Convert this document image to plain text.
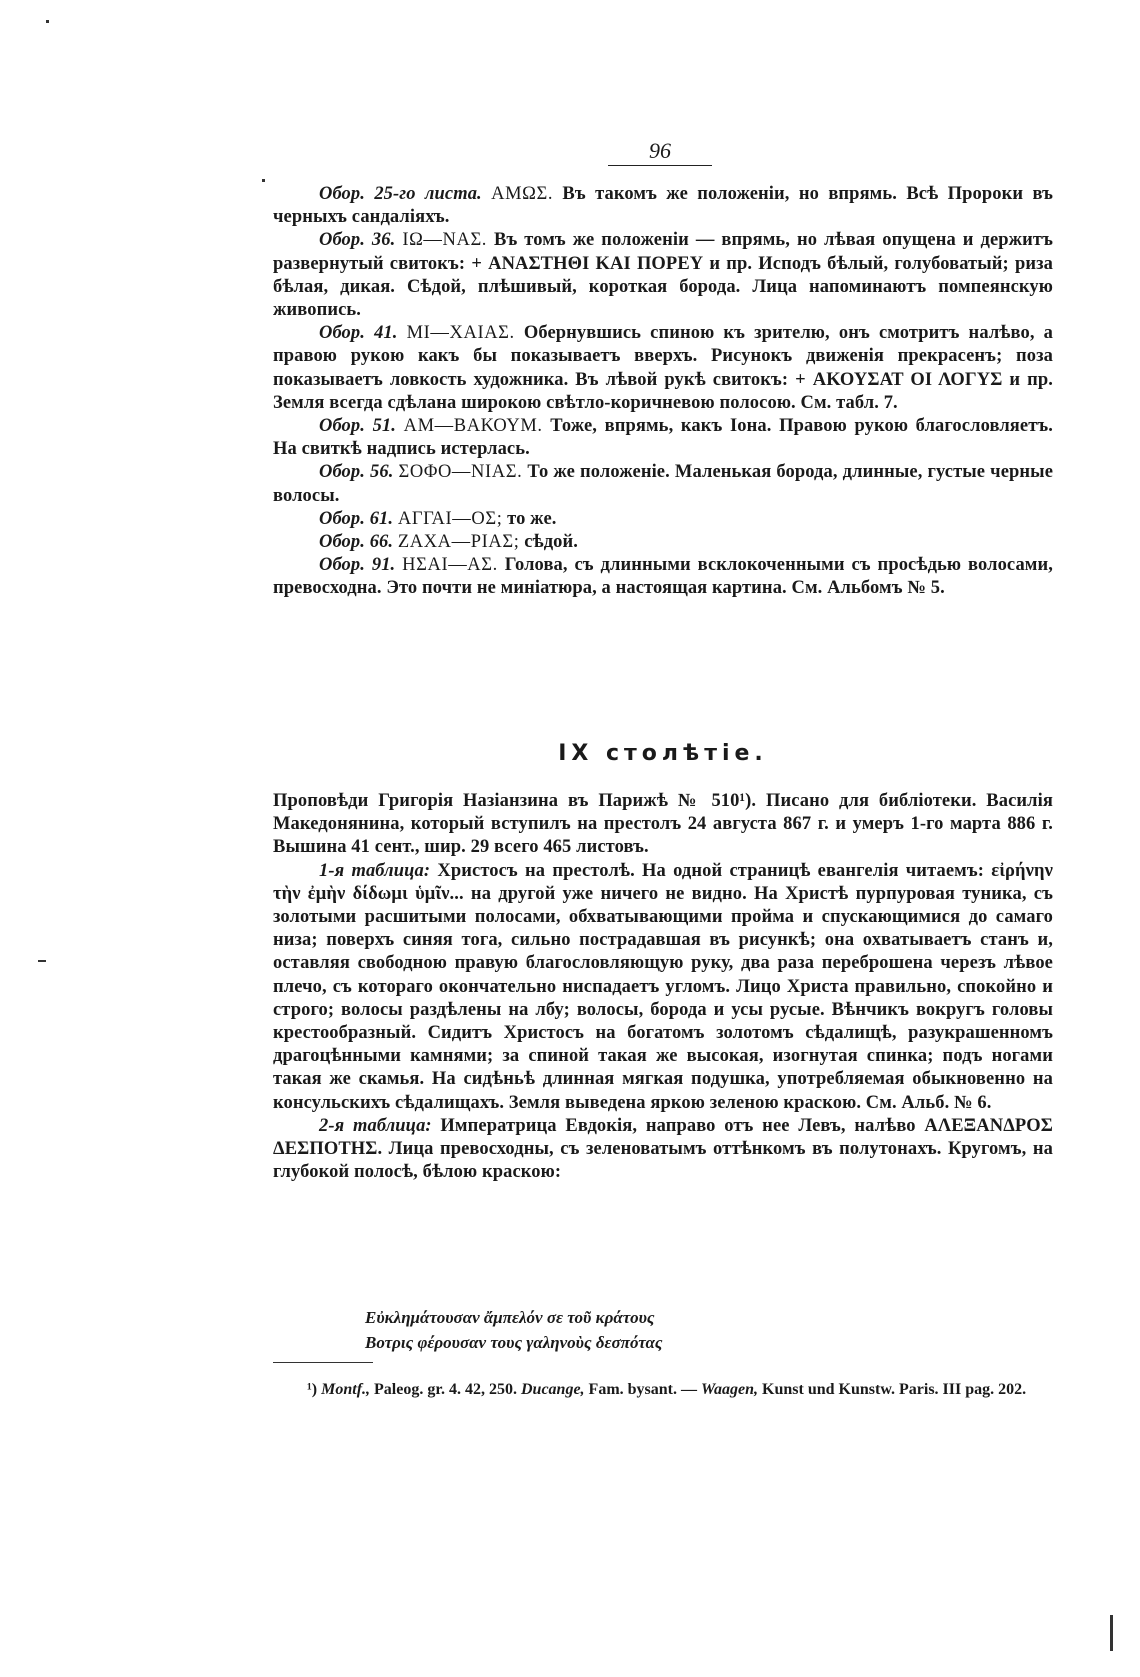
96

Обор. 25-го листа. ΑΜΩΣ. Въ такомъ же положеніи, но впрямь. Всѣ Пророки въ черныхъ сандаліяхъ.

Обор. 36. ΙΩ—ΝΑΣ. Въ томъ же положеніи — впрямь, но лѣвая опущена и держитъ развернутый свитокъ: + ΑΝΑΣΤΗΘΙ ΚΑΙ ΠΟΡΕΥ и пр. Исподъ бѣлый, голубоватый; риза бѣлая, дикая. Сѣдой, плѣшивый, короткая борода. Лица напоминаютъ помпеянскую живопись.

Обор. 41. ΜΙ—ΧΑΙΑΣ. Обернувшись спиною къ зрителю, онъ смотритъ налѣво, а правою рукою какъ бы показываетъ вверхъ. Рисунокъ движенія прекрасенъ; поза показываетъ ловкость художника. Въ лѣвой рукѣ свитокъ: + ΑΚΟΥΣΑΤ ΟΙ ΛΟΓΥΣ и пр. Земля всегда сдѣлана широкою свѣтло-коричневою полосою. См. табл. 7.

Обор. 51. ΑΜ—ΒΑΚΟΥΜ. Тоже, впрямь, какъ Іона. Правою рукою благословляетъ. На свиткѣ надпись истерлась.

Обор. 56. ΣΟΦΟ—ΝΙΑΣ. То же положеніе. Маленькая борода, длинные, густые черные волосы.

Обор. 61. ΑΓΓΑΙ—ΟΣ; то же.

Обор. 66. ΖΑΧΑ—ΡΙΑΣ; сѣдой.

Обор. 91. ΗΣΑΙ—ΑΣ. Голова, съ длинными всклокоченными съ просѣдью волосами, превосходна. Это почти не миніатюра, а настоящая картина. См. Альбомъ № 5.

IX столѣтіе.

Проповѣди Григорія Назіанзина въ Парижѣ № 510¹). Писано для библіотеки. Василія Македонянина, который вступилъ на престолъ 24 августа 867 г. и умеръ 1-го марта 886 г. Вышина 41 сент., шир. 29 всего 465 листовъ.

1-я таблица: Христосъ на престолѣ. На одной страницѣ евангелія читаемъ: εἰρήνην τὴν ἐμὴν δίδωμι ὑμῖν... на другой уже ничего не видно. На Христѣ пурпуровая туника, съ золотыми расшитыми полосами, обхватывающими пройма и спускающимися до самаго низа; поверхъ синяя тога, сильно пострадавшая въ рисункѣ; она охватываетъ станъ и, оставляя свободною правую благословляющую руку, два раза переброшена черезъ лѣвое плечо, съ котораго окончательно ниспадаетъ угломъ. Лицо Христа правильно, спокойно и строго; волосы раздѣлены на лбу; волосы, борода и усы русые. Вѣнчикъ вокругъ головы крестообразный. Сидитъ Христосъ на богатомъ золотомъ сѣдалищѣ, разукрашенномъ драгоцѣнными камнями; за спиной такая же высокая, изогнутая спинка; подъ ногами такая же скамья. На сидѣньѣ длинная мягкая подушка, употребляемая обыкновенно на консульскихъ сѣдалищахъ. Земля выведена яркою зеленою краскою. См. Альб. № 6.

2-я таблица: Императрица Евдокія, направо отъ нее Левъ, налѣво ΑΛΕΞΑΝΔΡΟΣ ΔΕΣΠΟΤΗΣ. Лица превосходны, съ зеленоватымъ оттѣнкомъ въ полутонахъ. Кругомъ, на глубокой полосѣ, бѣлою краскою:

Εὐκλημάτουσαν ἄμπελόν σε τοῦ κράτους
Βοτρις φέρουσαν τους γαληνοὺς δεσπότας
¹) Montf., Paleog. gr. 4. 42, 250. Ducange, Fam. bysant. — Waagen, Kunst und Kunstw. Paris. III pag. 202.
